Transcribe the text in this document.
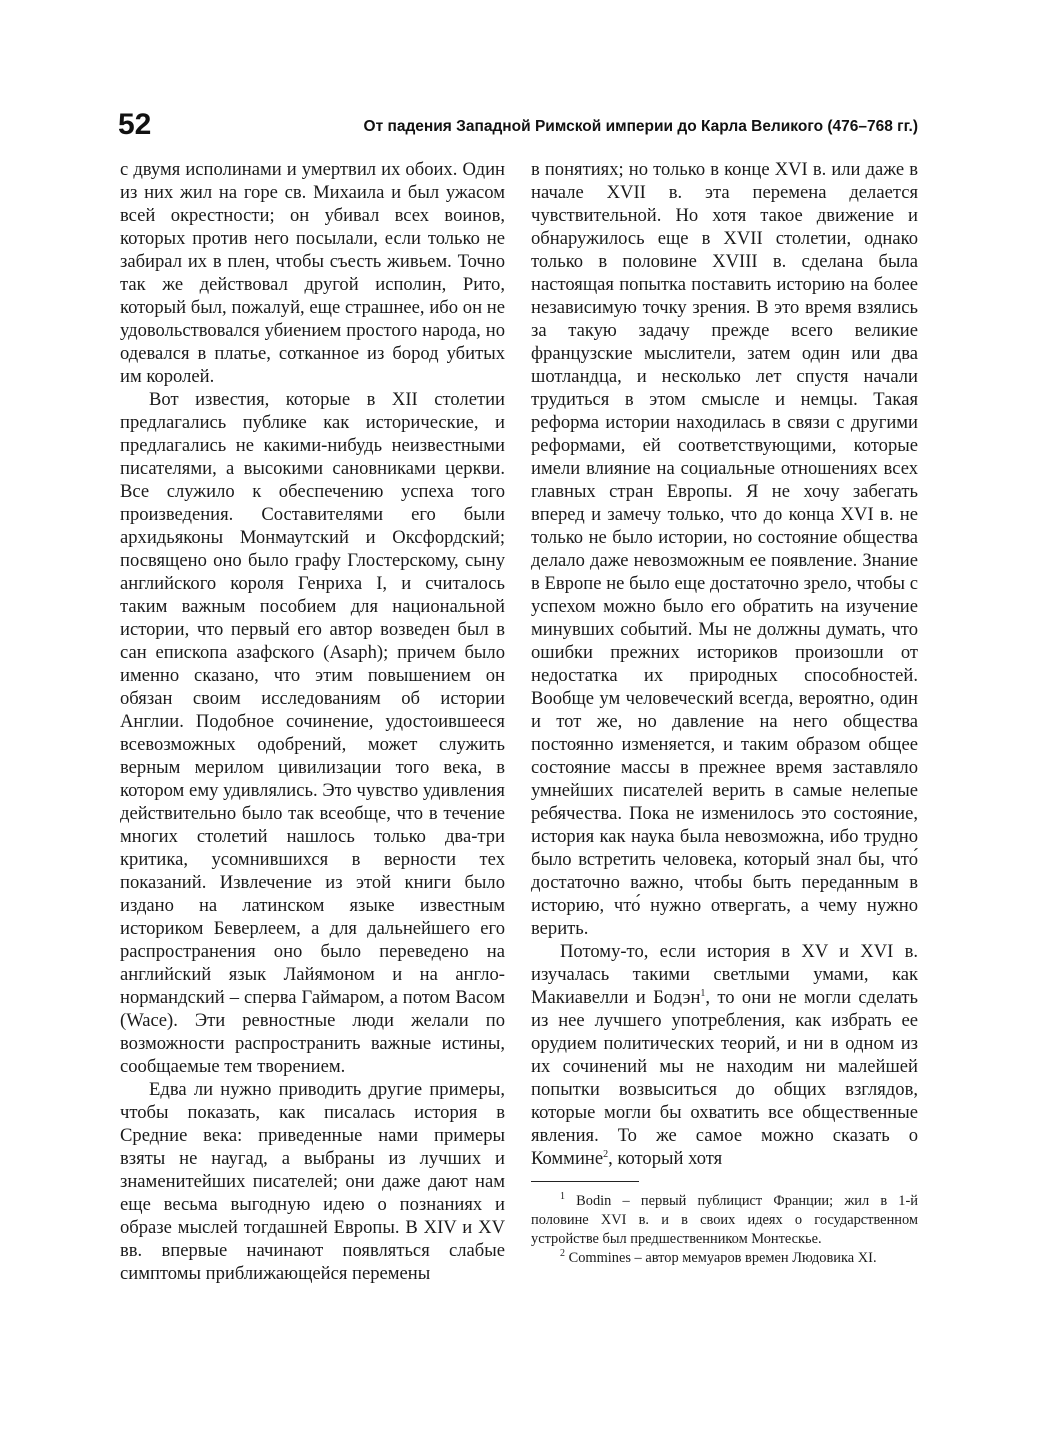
52	От падения Западной Римской империи до Карла Великого (476–768 гг.)

с двумя исполинами и умертвил их обоих. Один из них жил на горе св. Михаила и был ужасом всей окрестности; он убивал всех воинов, которых против него посылали, если только не забирал их в плен, чтобы съесть живьем. Точно так же действовал другой исполин, Рито, который был, пожалуй, еще страшнее, ибо он не удовольствовался убиением простого народа, но одевался в платье, сотканное из бород убитых им королей.

Вот известия, которые в XII столетии предлагались публике как исторические, и предлагались не какими-нибудь неизвестными писателями, а высокими сановниками церкви. Все служило к обеспечению успеха того произведения. Составителями его были архидьяконы Монмаутский и Оксфордский; посвящено оно было графу Глостерскому, сыну английского короля Генриха I, и считалось таким важным пособием для национальной истории, что первый его автор возведен был в сан епископа азафского (Asaph); причем было именно сказано, что этим повышением он обязан своим исследованиям об истории Англии. Подобное сочинение, удостоившееся всевозможных одобрений, может служить верным мерилом цивилизации того века, в котором ему удивлялись. Это чувство удивления действительно было так всеобще, что в течение многих столетий нашлось только два-три критика, усомнившихся в верности тех показаний. Извлечение из этой книги было издано на латинском языке известным историком Беверлеем, а для дальнейшего его распространения оно было переведено на английский язык Лайямоном и на англо-нормандский – сперва Гаймаром, а потом Васом (Wace). Эти ревностные люди желали по возможности распространить важные истины, сообщаемые тем творением.

Едва ли нужно приводить другие примеры, чтобы показать, как писалась история в Средние века: приведенные нами примеры взяты не наугад, а выбраны из лучших и знаменитейших писателей; они даже дают нам еще весьма выгодную идею о познаниях и образе мыслей тогдашней Европы. В XIV и XV вв. впервые начинают появляться слабые симптомы приближающейся перемены

в понятиях; но только в конце XVI в. или даже в начале XVII в. эта перемена делается чувствительной. Но хотя такое движение и обнаружилось еще в XVII столетии, однако только в половине XVIII в. сделана была настоящая попытка поставить историю на более независимую точку зрения. В это время взялись за такую задачу прежде всего великие французские мыслители, затем один или два шотландца, и несколько лет спустя начали трудиться в этом смысле и немцы. Такая реформа истории находилась в связи с другими реформами, ей соответствующими, которые имели влияние на социальные отношениях всех главных стран Европы. Я не хочу забегать вперед и замечу только, что до конца XVI в. не только не было истории, но состояние общества делало даже невозможным ее появление. Знание в Европе не было еще достаточно зрело, чтобы с успехом можно было его обратить на изучение минувших событий. Мы не должны думать, что ошибки прежних историков произошли от недостатка их природных способностей. Вообще ум человеческий всегда, вероятно, один и тот же, но давление на него общества постоянно изменяется, и таким образом общее состояние массы в прежнее время заставляло умнейших писателей верить в самые нелепые ребячества. Пока не изменилось это состояние, история как наука была невозможна, ибо трудно было встретить человека, который знал бы, что́ достаточно важно, чтобы быть переданным в историю, что́ нужно отвергать, а чему нужно верить.

Потому-то, если история в XV и XVI в. изучалась такими светлыми умами, как Макиавелли и Бодэн$^1$, то они не могли сделать из нее лучшего употребления, как избрать ее орудием политических теорий, и ни в одном из их сочинений мы не находим ни малейшей попытки возвыситься до общих взглядов, которые могли бы охватить все общественные явления. То же самое можно сказать о Коммине$^2$, который хотя

$^1$ Bodin – первый публицист Франции; жил в 1-й половине XVI в. и в своих идеях о государственном устройстве был предшественником Монтескье.

$^2$ Commines – автор мемуаров времен Людовика XI.
